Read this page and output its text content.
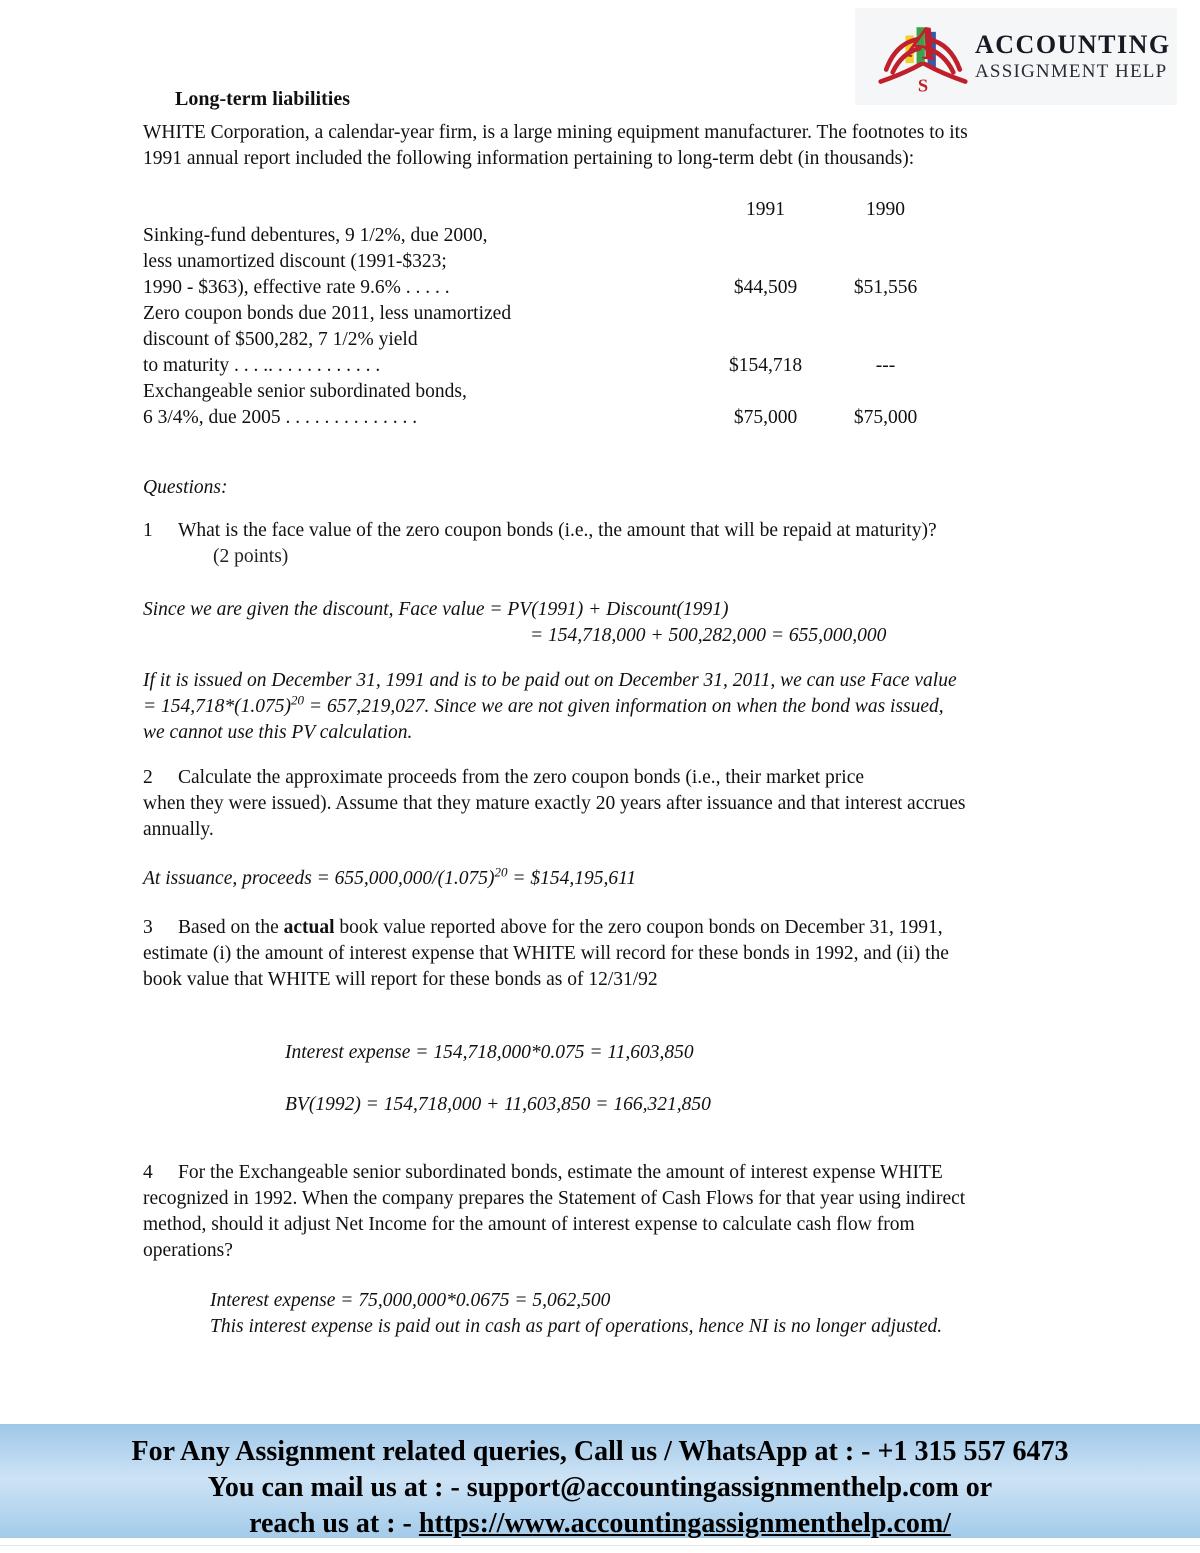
A
S
ACCOUNTING
ASSIGNMENT HELP
Long-term liabilities
WHITE Corporation, a calendar-year firm, is a large mining equipment manufacturer. The footnotes to its
1991 annual report included the following information pertaining to long-term debt (in thousands):
1991	1990
Sinking-fund debentures, 9 1/2%, due 2000,
less unamortized discount (1991-$323;
1990 - $363), effective rate 9.6% . . . . .	$44,509	$51,556
Zero coupon bonds due 2011, less unamortized
discount of $500,282, 7 1/2% yield
to maturity . . . .. . . . . . . . . . . .	$154,718	---
Exchangeable senior subordinated bonds,
6 3/4%, due 2005 . . . . . . . . . . . . . .	$75,000	$75,000
Questions:
1 What is the face value of the zero coupon bonds (i.e., the amount that will be repaid at maturity)?
(2 points)
Since we are given the discount, Face value = PV(1991) + Discount(1991)
= 154,718,000 + 500,282,000 = 655,000,000
If it is issued on December 31, 1991 and is to be paid out on December 31, 2011, we can use Face value
= $154,718*(1.075)^{20} = 657,219,027$. Since we are not given information on when the bond was issued,
we cannot use this PV calculation.
2 Calculate the approximate proceeds from the zero coupon bonds (i.e., their market price
when they were issued). Assume that they mature exactly 20 years after issuance and that interest accrues
annually.
At issuance, proceeds = $655,000,000/(1.075)^{20}$ = $154,195,611
3 Based on the actual book value reported above for the zero coupon bonds on December 31, 1991,
estimate (i) the amount of interest expense that WHITE will record for these bonds in 1992, and (ii) the
book value that WHITE will report for these bonds as of 12/31/92
Interest expense = 154,718,000*0.075 = 11,603,850
BV(1992) = 154,718,000 + 11,603,850 = 166,321,850
4 For the Exchangeable senior subordinated bonds, estimate the amount of interest expense WHITE
recognized in 1992. When the company prepares the Statement of Cash Flows for that year using indirect
method, should it adjust Net Income for the amount of interest expense to calculate cash flow from
operations?
Interest expense = 75,000,000*0.0675 = 5,062,500
This interest expense is paid out in cash as part of operations, hence NI is no longer adjusted.
For Any Assignment related queries, Call us / WhatsApp at : - +1 315 557 6473
You can mail us at : - support@accountingassignmenthelp.com or
reach us at : - https://www.accountingassignmenthelp.com/
